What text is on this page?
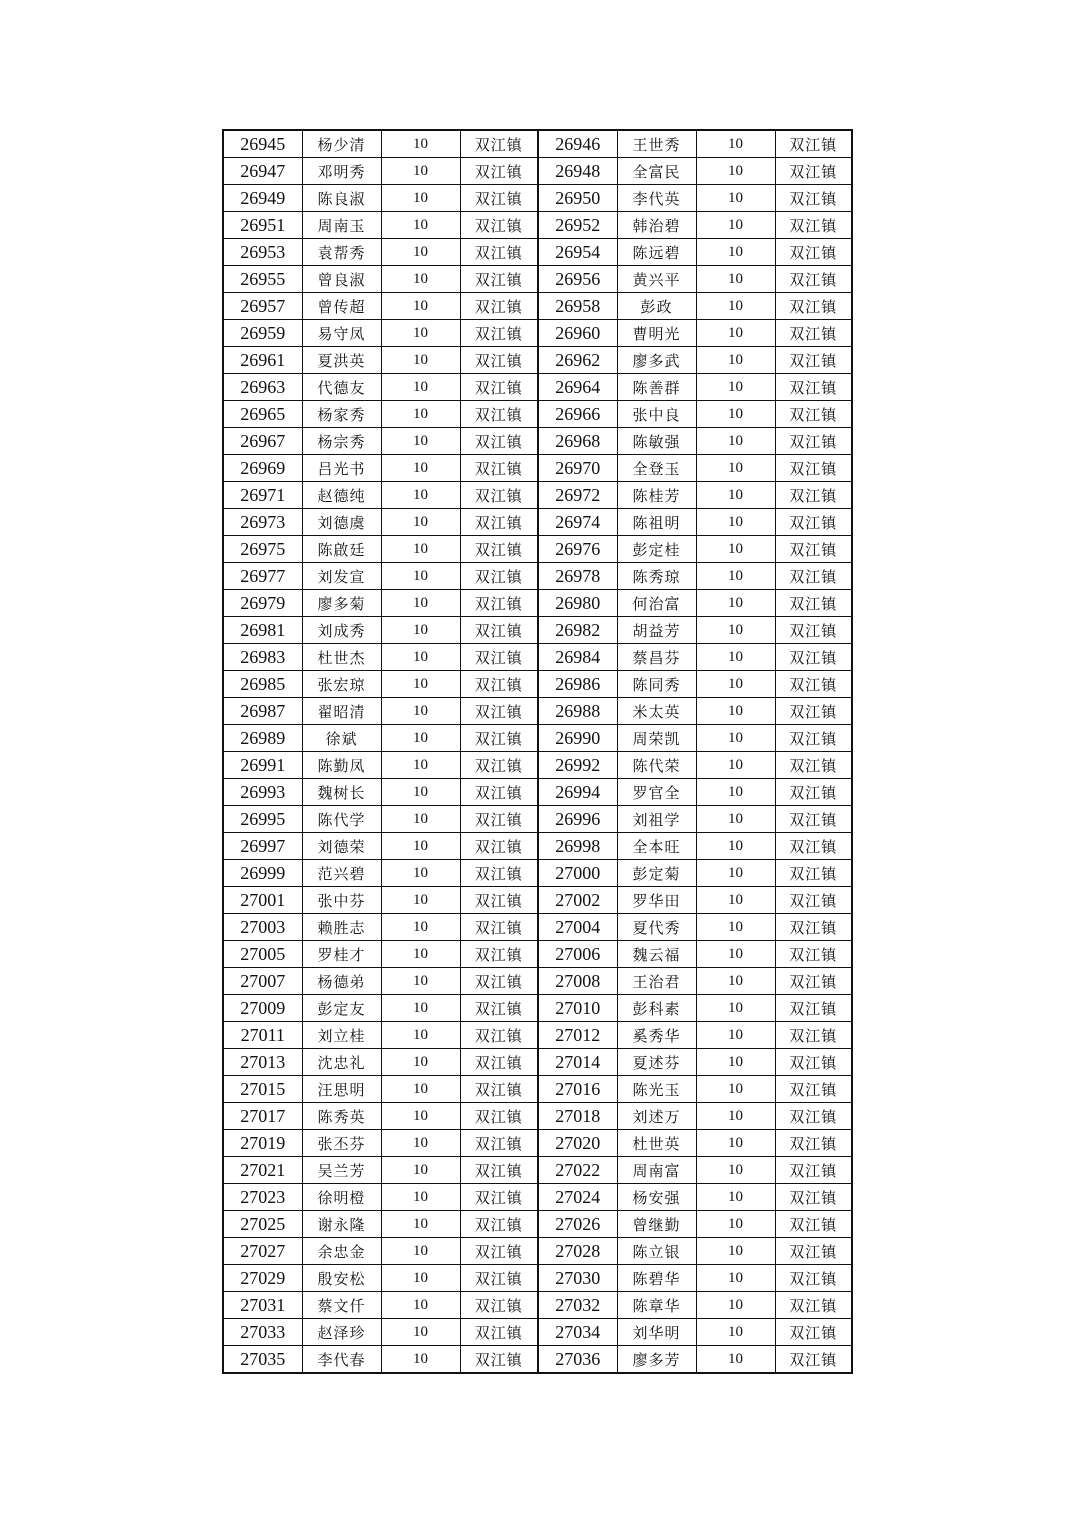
26945	杨少清	10	双江镇	26946	王世秀	10	双江镇
26947	邓明秀	10	双江镇	26948	全富民	10	双江镇
26949	陈良淑	10	双江镇	26950	李代英	10	双江镇
26951	周南玉	10	双江镇	26952	韩治碧	10	双江镇
26953	袁帮秀	10	双江镇	26954	陈远碧	10	双江镇
26955	曾良淑	10	双江镇	26956	黄兴平	10	双江镇
26957	曾传超	10	双江镇	26958	彭政	10	双江镇
26959	易守凤	10	双江镇	26960	曹明光	10	双江镇
26961	夏洪英	10	双江镇	26962	廖多武	10	双江镇
26963	代德友	10	双江镇	26964	陈善群	10	双江镇
26965	杨家秀	10	双江镇	26966	张中良	10	双江镇
26967	杨宗秀	10	双江镇	26968	陈敏强	10	双江镇
26969	吕光书	10	双江镇	26970	全登玉	10	双江镇
26971	赵德纯	10	双江镇	26972	陈桂芳	10	双江镇
26973	刘德虞	10	双江镇	26974	陈祖明	10	双江镇
26975	陈啟廷	10	双江镇	26976	彭定桂	10	双江镇
26977	刘发宣	10	双江镇	26978	陈秀琼	10	双江镇
26979	廖多菊	10	双江镇	26980	何治富	10	双江镇
26981	刘成秀	10	双江镇	26982	胡益芳	10	双江镇
26983	杜世杰	10	双江镇	26984	蔡昌芬	10	双江镇
26985	张宏琼	10	双江镇	26986	陈同秀	10	双江镇
26987	翟昭清	10	双江镇	26988	米太英	10	双江镇
26989	徐斌	10	双江镇	26990	周荣凯	10	双江镇
26991	陈勤凤	10	双江镇	26992	陈代荣	10	双江镇
26993	魏树长	10	双江镇	26994	罗官全	10	双江镇
26995	陈代学	10	双江镇	26996	刘祖学	10	双江镇
26997	刘德荣	10	双江镇	26998	全本旺	10	双江镇
26999	范兴碧	10	双江镇	27000	彭定菊	10	双江镇
27001	张中芬	10	双江镇	27002	罗华田	10	双江镇
27003	赖胜志	10	双江镇	27004	夏代秀	10	双江镇
27005	罗桂才	10	双江镇	27006	魏云福	10	双江镇
27007	杨德弟	10	双江镇	27008	王治君	10	双江镇
27009	彭定友	10	双江镇	27010	彭科素	10	双江镇
27011	刘立桂	10	双江镇	27012	奚秀华	10	双江镇
27013	沈忠礼	10	双江镇	27014	夏述芬	10	双江镇
27015	汪思明	10	双江镇	27016	陈光玉	10	双江镇
27017	陈秀英	10	双江镇	27018	刘述万	10	双江镇
27019	张丕芬	10	双江镇	27020	杜世英	10	双江镇
27021	吴兰芳	10	双江镇	27022	周南富	10	双江镇
27023	徐明橙	10	双江镇	27024	杨安强	10	双江镇
27025	谢永隆	10	双江镇	27026	曾继勤	10	双江镇
27027	余忠金	10	双江镇	27028	陈立银	10	双江镇
27029	殷安松	10	双江镇	27030	陈碧华	10	双江镇
27031	蔡文仟	10	双江镇	27032	陈章华	10	双江镇
27033	赵泽珍	10	双江镇	27034	刘华明	10	双江镇
27035	李代春	10	双江镇	27036	廖多芳	10	双江镇
